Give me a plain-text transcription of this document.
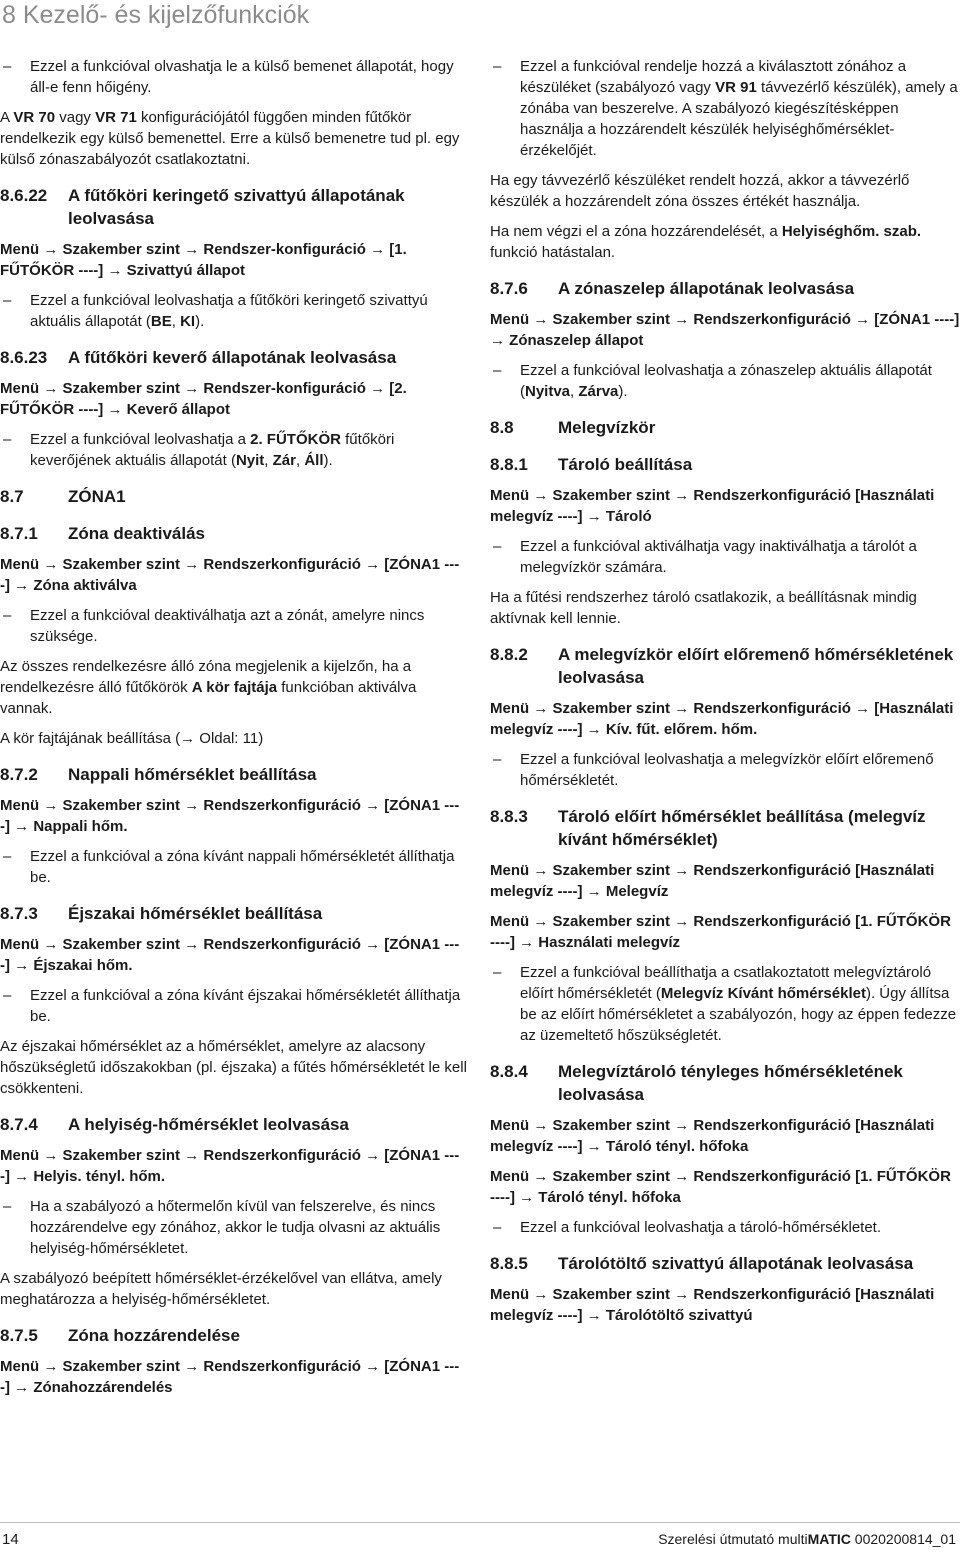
8 Kezelő- és kijelzőfunkciók
– Ezzel a funkcióval olvashatja le a külső bemenet állapotát, hogy áll-e fenn hőigény.
A VR 70 vagy VR 71 konfigurációjától függően minden fűtőkör rendelkezik egy külső bemenettel. Erre a külső bemenetre tud pl. egy külső zónaszabályozót csatlakoztatni.
8.6.22	A fűtőköri keringető szivattyú állapotának leolvasása
Menü → Szakember szint → Rendszer-konfiguráció → [1. FŰTŐKÖR ----] → Szivattyú állapot
– Ezzel a funkcióval leolvashatja a fűtőköri keringető szivattyú aktuális állapotát (BE, KI).
8.6.23	A fűtőköri keverő állapotának leolvasása
Menü → Szakember szint → Rendszer-konfiguráció → [2. FŰTŐKÖR ----] → Keverő állapot
– Ezzel a funkcióval leolvashatja a 2. FŰTŐKÖR fűtőköri keverőjének aktuális állapotát (Nyit, Zár, Áll).
8.7	ZÓNA1
8.7.1	Zóna deaktiválás
Menü → Szakember szint → Rendszerkonfiguráció → [ZÓNA1 ----] → Zóna aktiválva
– Ezzel a funkcióval deaktiválhatja azt a zónát, amelyre nincs szüksége.
Az összes rendelkezésre álló zóna megjelenik a kijelzőn, ha a rendelkezésre álló fűtőkörök A kör fajtája funkcióban aktiválva vannak.
A kör fajtájának beállítása (→ Oldal: 11)
8.7.2	Nappali hőmérséklet beállítása
Menü → Szakember szint → Rendszerkonfiguráció → [ZÓNA1 ----] → Nappali hőm.
– Ezzel a funkcióval a zóna kívánt nappali hőmérsékletét állíthatja be.
8.7.3	Éjszakai hőmérséklet beállítása
Menü → Szakember szint → Rendszerkonfiguráció → [ZÓNA1 ----] → Éjszakai hőm.
– Ezzel a funkcióval a zóna kívánt éjszakai hőmérsékletét állíthatja be.
Az éjszakai hőmérséklet az a hőmérséklet, amelyre az alacsony hőszükségletű időszakokban (pl. éjszaka) a fűtés hőmérsékletét le kell csökkenteni.
8.7.4	A helyiség-hőmérséklet leolvasása
Menü → Szakember szint → Rendszerkonfiguráció → [ZÓNA1 ----] → Helyis. tényl. hőm.
– Ha a szabályozó a hőtermelőn kívül van felszerelve, és nincs hozzárendelve egy zónához, akkor le tudja olvasni az aktuális helyiség-hőmérsékletet.
A szabályozó beépített hőmérséklet-érzékelővel van ellátva, amely meghatározza a helyiség-hőmérsékletet.
8.7.5	Zóna hozzárendelése
Menü → Szakember szint → Rendszerkonfiguráció → [ZÓNA1 ----] → Zónahozzárendelés
– Ezzel a funkcióval rendelje hozzá a kiválasztott zónához a készüléket (szabályozó vagy VR 91 távvezérlő készülék), amely a zónába van beszerelve. A szabályozó kiegészítésképpen használja a hozzárendelt készülék helyiséghőmérséklet-érzékelőjét.
Ha egy távvezérlő készüléket rendelt hozzá, akkor a távvezérlő készülék a hozzárendelt zóna összes értékét használja.
Ha nem végzi el a zóna hozzárendelését, a Helyiséghőm. szab. funkció hatástalan.
8.7.6	A zónaszelep állapotának leolvasása
Menü → Szakember szint → Rendszerkonfiguráció → [ZÓNA1 ----] → Zónaszelep állapot
– Ezzel a funkcióval leolvashatja a zónaszelep aktuális állapotát (Nyitva, Zárva).
8.8	Melegvízkör
8.8.1	Tároló beállítása
Menü → Szakember szint → Rendszerkonfiguráció [Használati melegvíz ----] → Tároló
– Ezzel a funkcióval aktiválhatja vagy inaktiválhatja a tárolót a melegvízkör számára.
Ha a fűtési rendszerhez tároló csatlakozik, a beállításnak mindig aktívnak kell lennie.
8.8.2	A melegvízkör előírt előremenő hőmérsékletének leolvasása
Menü → Szakember szint → Rendszerkonfiguráció → [Használati melegvíz ----] → Kív. fűt. előrem. hőm.
– Ezzel a funkcióval leolvashatja a melegvízkör előírt előremenő hőmérsékletét.
8.8.3	Tároló előírt hőmérséklet beállítása (melegvíz kívánt hőmérséklet)
Menü → Szakember szint → Rendszerkonfiguráció [Használati melegvíz ----] → Melegvíz
Menü → Szakember szint → Rendszerkonfiguráció [1. FŰTŐKÖR ----] → Használati melegvíz
– Ezzel a funkcióval beállíthatja a csatlakoztatott melegvíztároló előírt hőmérsékletét (Melegvíz Kívánt hőmérséklet). Úgy állítsa be az előírt hőmérsékletet a szabályozón, hogy az éppen fedezze az üzemeltető hőszükségletét.
8.8.4	Melegvíztároló tényleges hőmérsékletének leolvasása
Menü → Szakember szint → Rendszerkonfiguráció [Használati melegvíz ----] → Tároló tényl. hőfoka
Menü → Szakember szint → Rendszerkonfiguráció [1. FŰTŐKÖR ----] → Tároló tényl. hőfoka
– Ezzel a funkcióval leolvashatja a tároló-hőmérsékletet.
8.8.5	Tárolótöltő szivattyú állapotának leolvasása
Menü → Szakember szint → Rendszerkonfiguráció [Használati melegvíz ----] → Tárolótöltő szivattyú
14	Szerelési útmutató multiMATIC 0020200814_01
